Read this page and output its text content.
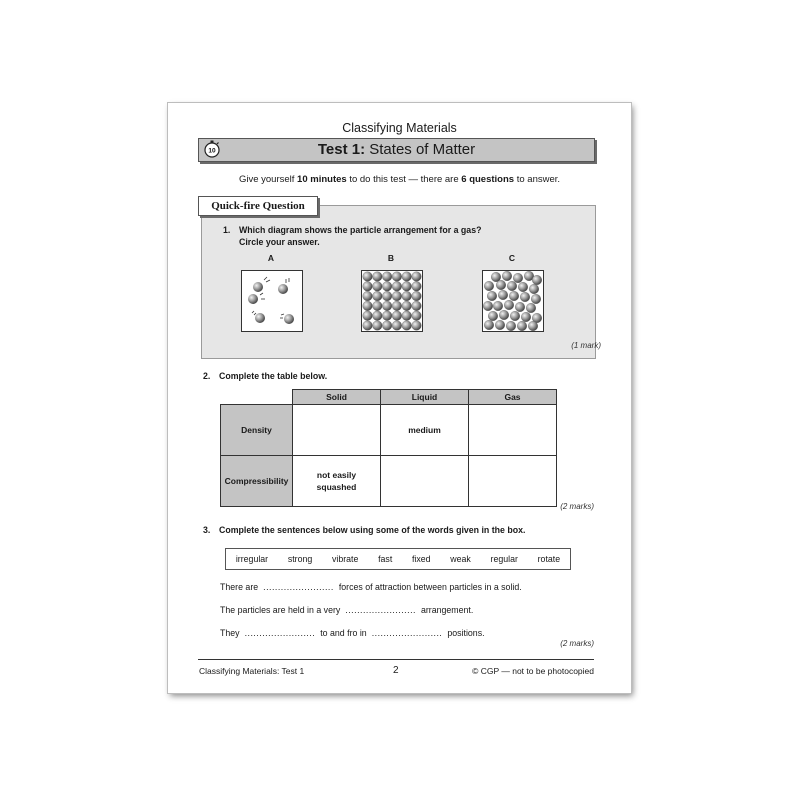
Classifying Materials
10	Test 1: States of Matter
Give yourself 10 minutes to do this test — there are 6 questions to answer.
Quick-fire Question
1. Which diagram shows the particle arrangement for a gas?
Circle your answer.
A	B	C
(1 mark)
2. Complete the table below.
	Solid	Liquid	Gas
Density		medium	
Compressibility	not easily squashed		
(2 marks)
3. Complete the sentences below using some of the words given in the box.
irregular strong vibrate fast fixed weak regular rotate
There are ........................ forces of attraction between particles in a solid.
The particles are held in a very ........................ arrangement.
They ........................ to and fro in ........................ positions.
(2 marks)
Classifying Materials: Test 1	2	© CGP — not to be photocopied
